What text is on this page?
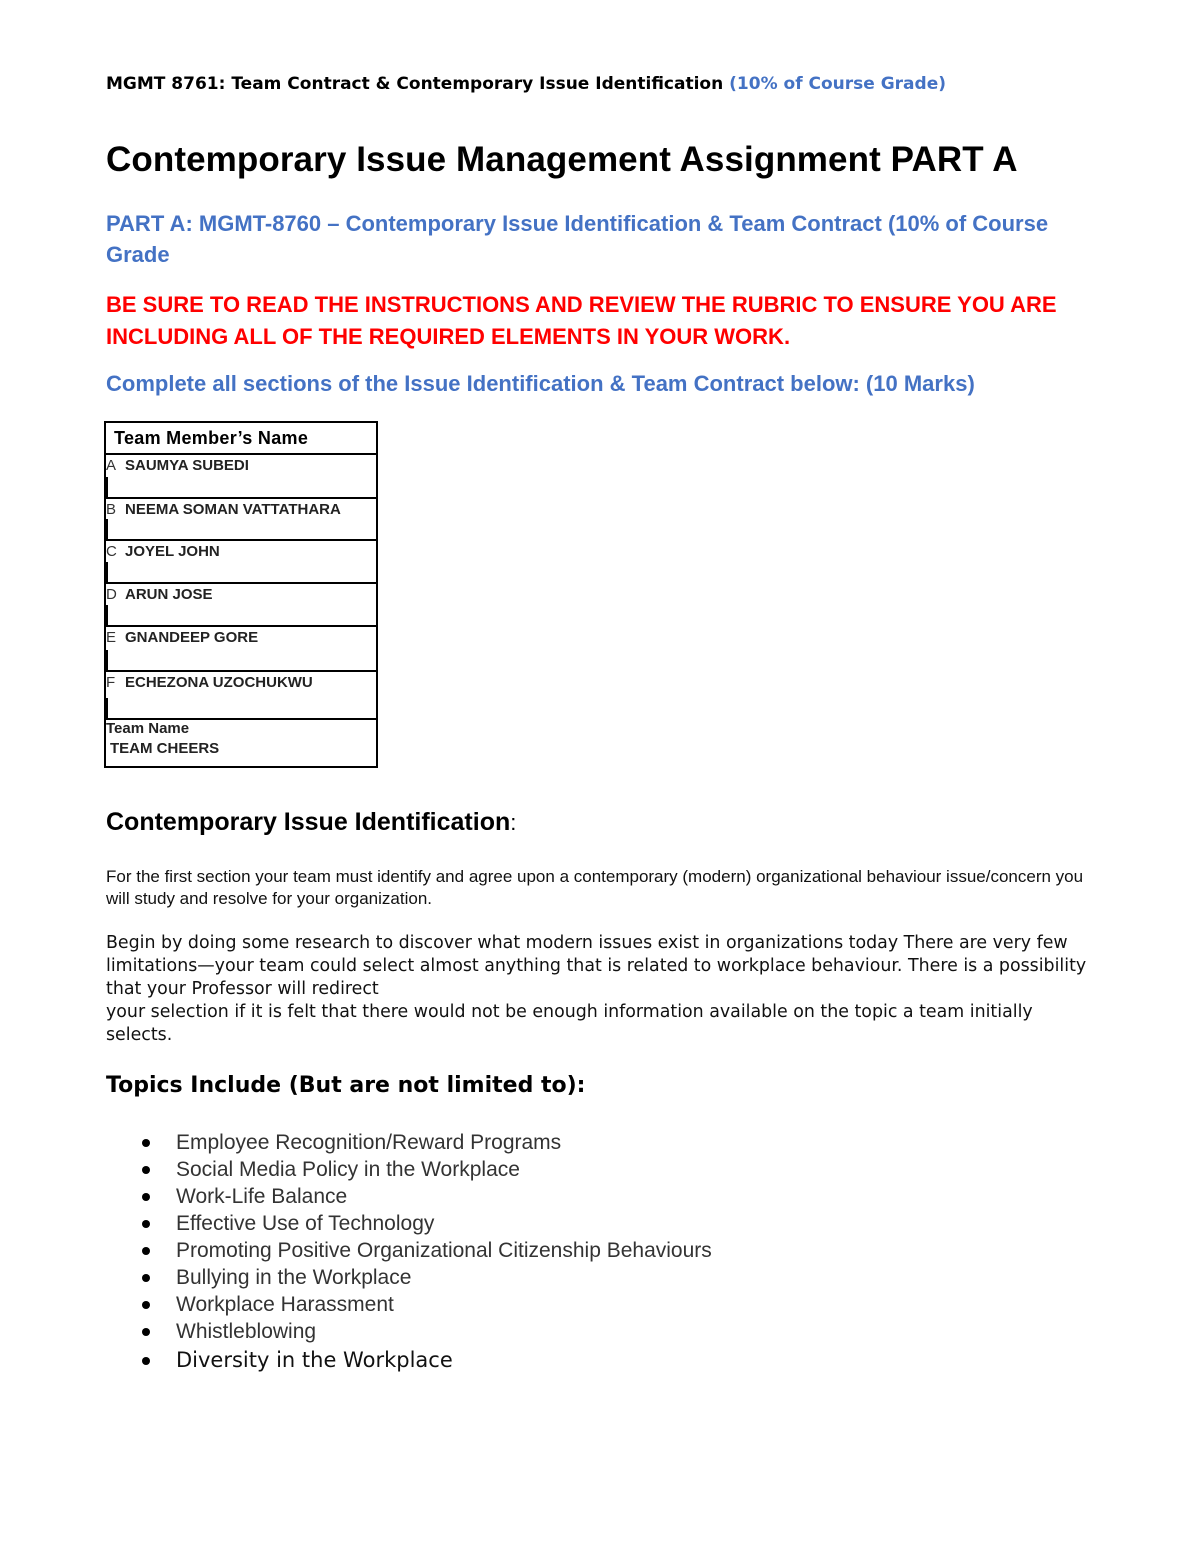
MGMT 8761: Team Contract & Contemporary Issue Identification (10% of Course Grade)
Contemporary Issue Management Assignment PART A
PART A: MGMT-8760 – Contemporary Issue Identification & Team Contract (10% of Course Grade
BE SURE TO READ THE INSTRUCTIONS AND REVIEW THE RUBRIC TO ENSURE YOU ARE INCLUDING ALL OF THE REQUIRED ELEMENTS IN YOUR WORK.
Complete all sections of the Issue Identification & Team Contract below: (10 Marks)
Team Member’s Name
A SAUMYA SUBEDI
B NEEMA SOMAN VATTATHARA
C JOYEL JOHN
D ARUN JOSE
E GNANDEEP GORE
F ECHEZONA UZOCHUKWU
Team Name
TEAM CHEERS
Contemporary Issue Identification:
For the first section your team must identify and agree upon a contemporary (modern) organizational behaviour issue/concern you will study and resolve for your organization.
Begin by doing some research to discover what modern issues exist in organizations today There are very few limitations—your team could select almost anything that is related to workplace behaviour. There is a possibility that your Professor will redirect
your selection if it is felt that there would not be enough information available on the topic a team initially selects.
Topics Include (But are not limited to):
Employee Recognition/Reward Programs
Social Media Policy in the Workplace
Work-Life Balance
Effective Use of Technology
Promoting Positive Organizational Citizenship Behaviours
Bullying in the Workplace
Workplace Harassment
Whistleblowing
Diversity in the Workplace
